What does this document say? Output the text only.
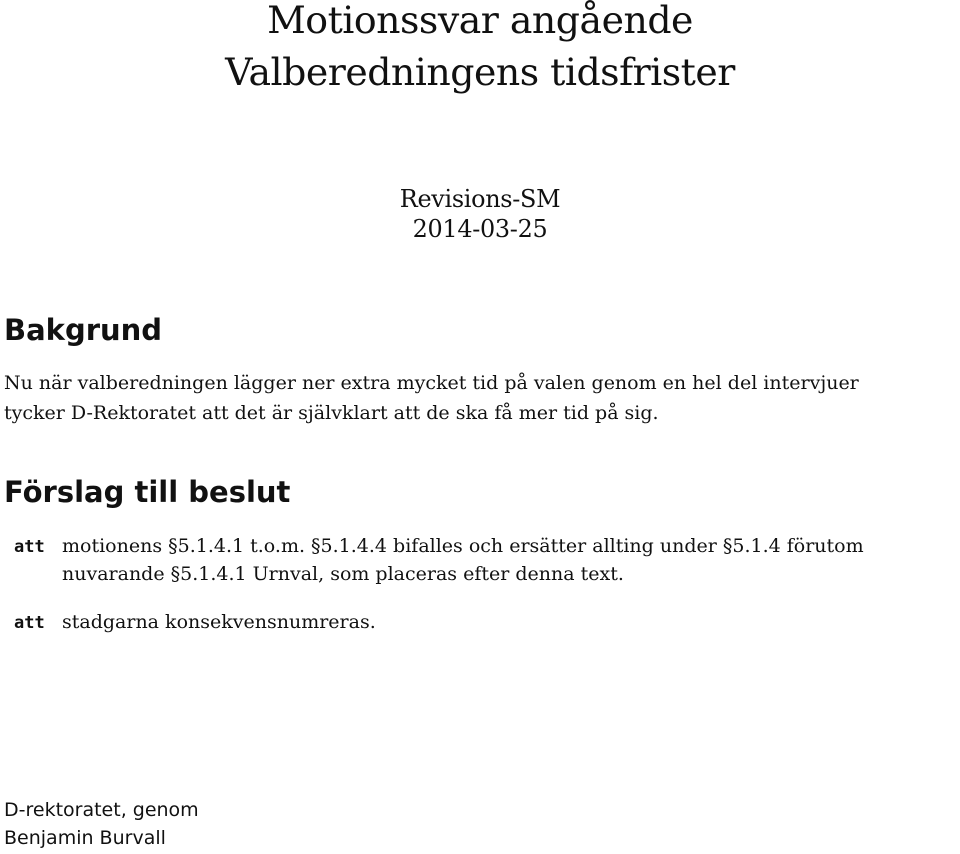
Motionssvar angående
Valberedningens tidsfrister
Revisions-SM
2014-03-25
Bakgrund
Nu när valberedningen lägger ner extra mycket tid på valen genom en hel del intervjuer
tycker D-Rektoratet att det är självklart att de ska få mer tid på sig.
Förslag till beslut
att motionens §5.1.4.1 t.o.m. §5.1.4.4 bifalles och ersätter allting under §5.1.4 förutom
nuvarande §5.1.4.1 Urnval, som placeras efter denna text.
att stadgarna konsekvensnumreras.
D-rektoratet, genom
Benjamin Burvall
